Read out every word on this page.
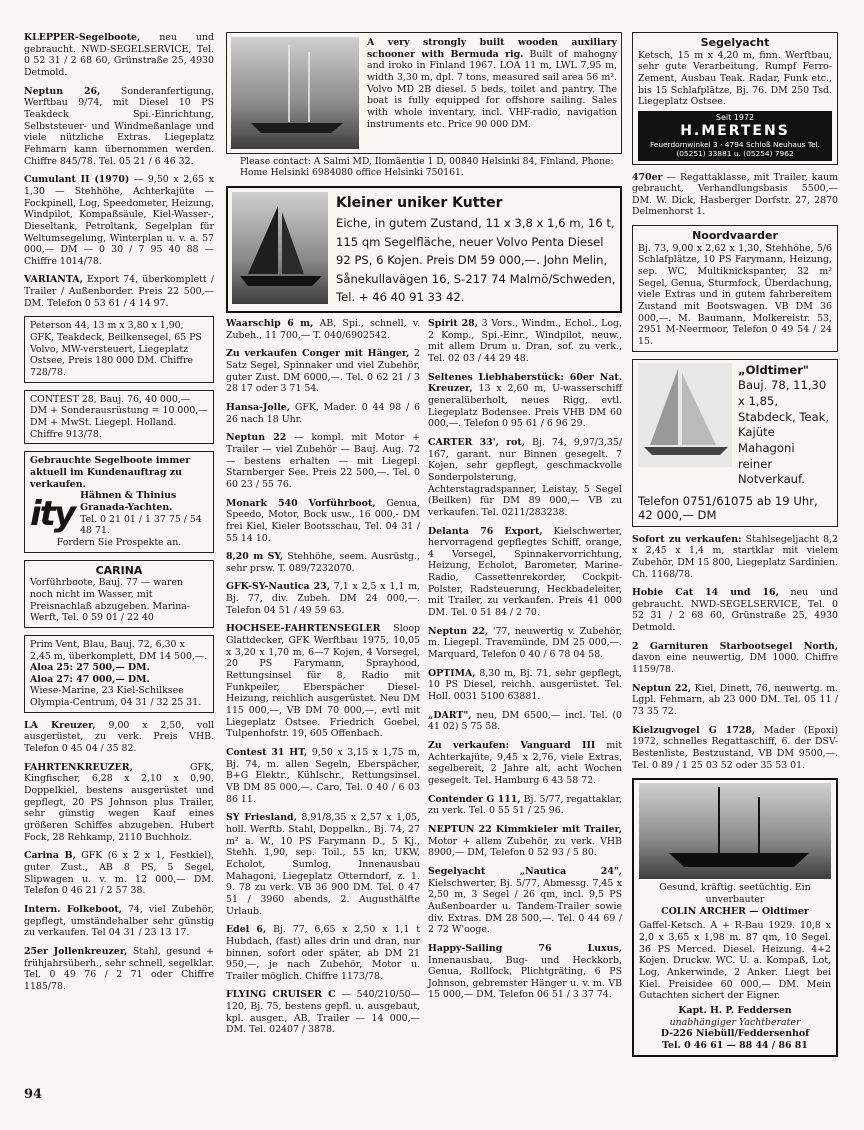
KLEPPER-Segelboote, neu und gebraucht. NWD-SEGELSERVICE, Tel. 0 52 31 / 2 68 60, Grünstraße 25, 4930 Detmold.
Neptun 26, Sonderanfertigung, Werftbau 9/74, mit Diesel 10 PS Teakdeck Spi.-Einrichtung, Selbststeuer- und Windmeßanlage und viele nützliche Extras. Liegeplatz Fehmarn kann übernommen werden. Chiffre 845/78. Tel. 05 21 / 6 46 32.
Cumulant II (1970) — 9,50 x 2,65 x 1,30 — Stehhöhe, Achterkajüte — Fockpinell, Log, Speedometer, Heizung, Windpilot, Kompaßsäule, Kiel-Wasser-, Dieseltank, Petroltank, Segelplan für Weltumsegelung, Winterplan u. v. a. 57 000,— DM — 0 30 / 7 95 40 88 — Chiffre 1014/78.
VARIANTA, Export 74, überkomplett / Trailer / Außenborder. Preis 22 500,— DM. Telefon 0 53 61 / 4 14 97.
Peterson 44, 13 m x 3,80 x 1,90, GFK, Teakdeck, Beilkensegel, 65 PS Volvo, MW-versteuert, Liegeplatz Ostsee, Preis 180 000 DM. Chiffre 728/78.
CONTEST 28, Bauj. 76, 40 000,— DM + Sonderausrüstung = 10 000,— DM + MwSt. Liegepl. Holland. Chiffre 913/78.
Gebrauchte Segelboote immer aktuell im Kundenauftrag zu verkaufen.
ity Hähnen & Thinius Granada-Yachten.
Tel. 0 21 01 / 1 37 75 / 54 48 71.
Fordern Sie Prospekte an.
CARINA
Vorführboote, Bauj. 77 — waren noch nicht im Wasser, mit Preisnachlaß abzugeben. Marina-Werft, Tel. 0 59 01 / 22 40
Prim Vent, Blau, Bauj. 72, 6,30 x 2,45 m, überkomplett, DM 14 500,—.
Aloa 25: 27 500,— DM.
Aloa 27: 47 000,— DM.
Wiese-Marine, 23 Kiel-Schilksee Olympia-Centrum, 04 31 / 32 25 31.
LA Kreuzer, 9,00 x 2,50, voll ausgerüstet, zu verk. Preis VHB. Telefon 0 45 04 / 35 82.
FAHRTENKREUZER, GFK, Kingfischer, 6,28 x 2,10 x 0,90, Doppelkiel, bestens ausgerüstet und gepflegt, 20 PS Johnson plus Trailer, sehr günstig wegen Kauf eines größeren Schiffes abzugeben. Hubert Fock, 28 Rehkamp, 2110 Buchholz.
Carina B, GFK (6 x 2 x 1, Festkiel), guter Zust., AB 8 PS, 5 Segel, Slipwagen u. v. m. 12 000,— DM. Telefon 0 46 21 / 2 57 38.
Intern. Folkeboot, 74, viel Zubehör, gepflegt, umständehalber sehr günstig zu verkaufen. Tel 04 31 / 23 13 17.
25er Jollenkreuzer, Stahl, gesund + frühjahrsüberh., sehr schnell, segelklar. Tel. 0 49 76 / 2 71 oder Chiffre 1185/78.
A very strongly built wooden auxiliary schooner with Bermuda rig. Built of mahogny and iroko in Finland 1967. LOA 11 m, LWL 7,95 m, width 3,30 m, dpl. 7 tons, measured sail area 56 m². Volvo MD 2B diesel. 5 beds, toilet and pantry. The boat is fully equipped for offshore sailing. Sales with whole inventary, incl. VHF-radio, navigation instruments etc. Price 90 000 DM.
Please contact: A Salmi MD, Ilomäentie 1 D, 00840 Helsinki 84, Finland, Phone: Home Helsinki 6984080 office Helsinki 750161.
Kleiner uniker Kutter
Eiche, in gutem Zustand, 11 x 3,8 x 1,6 m, 16 t, 115 qm Segelfläche, neuer Volvo Penta Diesel 92 PS, 6 Kojen. Preis DM 59 000,—. John Melin, Sånekullavägen 16, S-217 74 Malmö/Schweden, Tel. + 46 40 91 33 42.
Waarschip 6 m, AB, Spi., schnell, v. Zubeh., 11 700,— T. 040/6902542.
Zu verkaufen Conger mit Hänger, 2 Satz Segel, Spinnaker und viel Zubehör, guter Zust. DM 6000,—. Tel. 0 62 21 / 3 28 17 oder 3 71 54.
Hansa-Jolle, GFK, Mader. 0 44 98 / 6 26 nach 18 Uhr.
Neptun 22 — kompl. mit Motor + Trailer — viel Zubehör — Bauj. Aug. 72 — bestens erhalten — mit Liegepl. Starnberger See. Preis 22 500,—. Tel. 0 60 23 / 55 76.
Monark 540 Vorführboot, Genua, Speedo, Motor, Bock usw., 16 000,- DM frei Kiel, Kieler Bootsschau, Tel. 04 31 / 55 14 10.
8,20 m SY, Stehhöhe, seem. Ausrüstg., sehr prsw. T. 089/7232070.
GFK-SY-Nautica 23, 7,1 x 2,5 x 1,1 m, Bj. 77, div. Zubeh. DM 24 000,—. Telefon 04 51 / 49 59 63.
HOCHSEE-FAHRTENSEGLER Sloop Glattdecker, GFK Werftbau 1975, 10,05 x 3,20 x 1,70 m, 6—7 Kojen, 4 Vorsegel, 20 PS Farymann, Sprayhood, Rettungsinsel für 8, Radio mit Funkpeiler, Eberspächer Diesel-Heizung, reichlich ausgerüstet. Neu DM 115 000,—, VB DM 70 000,—, evtl mit Liegeplatz Ostsee. Friedrich Goebel, Tulpenhofstr. 19, 605 Offenbach.
Contest 31 HT, 9,50 x 3,15 x 1,75 m, Bj. 74, m. allen Segeln, Eberspächer, B+G Elektr., Kühlschr., Rettungsinsel. VB DM 85 000,—. Caro, Tel. 0 40 / 6 03 86 11.
SY Friesland, 8,91/8,35 x 2,57 x 1,05, holl. Werftb. Stahl, Doppelkn., Bj. 74, 27 m² a. W., 10 PS Farymann D., 5 Kj., Stehh. 1,90, sep. Toil., 55 kn, UKW, Echolot, Sumlog, Innenausbau Mahagoni, Liegeplatz Otterndorf, z. 1. 9. 78 zu verk. VB 36 900 DM. Tel. 0 47 51 / 3960 abends, 2. Augusthälfte Urlaub.
Edel 6, Bj. 77, 6,65 x 2,50 x 1,1 t Hubdach, (fast) alles drin und dran, nur binnen, sofort oder später, ab DM 21 950,—, je nach Zubehör, Motor u. Trailer möglich. Chiffre 1173/78.
FLYING CRUISER C — 540/210/50— 120, Bj. 75, bestens gepfl. u. ausgebaut, kpl. ausger., AB, Trailer — 14 000,— DM. Tel. 02407 / 3878.
Spirit 28, 3 Vors., Windm., Echol., Log, 2 Komp., Spi.-Einr., Windpilot, neuw., mit allem Drum u. Dran, sof. zu verk., Tel. 02 03 / 44 29 48.
Seltenes Liebhaberstück: 60er Nat. Kreuzer, 13 x 2,60 m, U-wasserschiff generalüberholt, neues Rigg, evtl. Liegeplatz Bodensee. Preis VHB DM 60 000,—. Telefon 0 95 61 / 6 96 29.
CARTER 33', rot, Bj. 74, 9,97/3,35/ 167, garant. nur Binnen gesegelt. 7 Kojen, sehr gepflegt, geschmackvolle Sonderpolsterung, Achterstagradspanner, Leistay, 5 Segel (Beilken) für DM 89 000,— VB zu verkaufen. Tel. 0211/283238.
Delanta 76 Export, Kielschwerter, hervorragend gepflegtes Schiff, orange, 4 Vorsegel, Spinnakervorrichtung, Heizung, Echolot, Barometer, Marine-Radio, Cassettenrekorder, Cockpit-Polster, Radsteuerung, Heckbadeleiter, mit Trailer, zu verkaufen. Preis 41 000 DM. Tel. 0 51 84 / 2 70.
Neptun 22, '77, neuwertig v. Zubehör, m. Liegepl. Travemünde, DM 25 000,—. Marquard, Telefon 0 40 / 6 78 04 58.
OPTIMA, 8,30 m, Bj. 71, sehr gepflegt, 10 PS Diesel, reichh. ausgerüstet. Tel. Holl. 0031 5100 63881.
„DART", neu, DM 6500,— incl. Tel. (0 41 02) 5 75 58.
Zu verkaufen: Vanguard III mit Achterkajüte, 9,45 x 2,76, viele Extras, segelbereit, 2 Jahre alt, acht Wochen gesegelt. Tel. Hamburg 6 43 58 72.
Contender G 111, Bj. 5/77, regattaklar, zu verk. Tel. 0 55 51 / 25 96.
NEPTUN 22 Kimmkieler mit Trailer, Motor + allem Zubehör, zu verk. VHB 8900,— DM, Telefon 0 52 93 / 5 80.
Segelyacht „Nautica 24", Kielschwerter, Bj. 5/77, Abmessg. 7,45 x 2,50 m, 3 Segel / 26 qm, incl. 9,5 PS Außenboarder u. Tandem-Trailer sowie div. Extras. DM 28 500,—. Tel. 0 44 69 / 2 72 W'ooge.
Happy-Sailing 76 Luxus, Innenausbau, Bug- und Heckkorb, Genua, Rollfock, Plichtgräting, 6 PS Johnson, gebremster Hänger u. v. m. VB 15 000,— DM. Telefon 06 51 / 3 37 74.
Segelyacht
Ketsch, 15 m x 4,20 m, finn. Werftbau, sehr gute Verarbeitung, Rumpf Ferro-Zement, Ausbau Teak. Radar, Funk etc., bis 15 Schlafplätze, Bj. 76. DM 250 Tsd. Liegeplatz Ostsee.
Seit 1972
H.MERTENS
Feuerdornwinkel 3 · 4794 Schloß Neuhaus Tel. (05251) 33881 u. (05254) 7962
470er — Regattaklasse, mit Trailer, kaum gebraucht, Verhandlungsbasis 5500,— DM. W. Dick, Hasberger Dorfstr. 27, 2870 Delmenhorst 1.
Noordvaarder
Bj. 73, 9,00 x 2,62 x 1,30, Stehhöhe, 5/6 Schlafplätze, 10 PS Farymann, Heizung, sep. WC, Multiknickspanter, 32 m² Segel, Genua, Sturmfock, Überdachung, viele Extras und in gutem fahrbereitem Zustand mit Bootswagen. VB DM 36 000,—. M. Baumann, Molkereistr. 53, 2951 M-Neermoor, Telefon 0 49 54 / 24 15.
„Oldtimer"
Bauj. 78, 11,30 x 1,85, Stabdeck, Teak, Kajüte Mahagoni reiner Notverkauf.
Telefon 0751/61075 ab 19 Uhr, 42 000,— DM
Sofort zu verkaufen: Stahlsegeljacht 8,2 x 2,45 x 1,4 m, startklar mit vielem Zubehör, DM 15 800, Liegeplatz Sardinien. Ch. 1168/78.
Hobie Cat 14 und 16, neu und gebraucht. NWD-SEGELSERVICE, Tel. 0 52 31 / 2 68 60, Grünstraße 25, 4930 Detmold.
2 Garnituren Starbootsegel North, davon eine neuwertig, DM 1000. Chiffre 1159/78.
Neptun 22, Kiel, Dinett, 76, neuwertg. m. Lgpl. Fehmarn, ab 23 000 DM. Tel. 05 11 / 73 35 72.
Kielzugvogel G 1728, Mader (Epoxi) 1972, schnelles Regattaschiff, 6. der DSV-Bestenliste, Bestzustand, VB DM 9500,—. Tel. 0 89 / 1 25 03 52 oder 35 53 01.
Gesund, kräftig. seetüchtig. Ein unverbauter
COLIN ARCHER — Oldtimer
Gaffel-Ketsch. A + R-Bau 1929. 10,8 x 2,0 x 3,65 x 1,98 m. 87 qm, 10 Segel. 36 PS Merced. Diesel. Heizung. 4+2 Kojen. Druckw. WC. U. a. Kompaß, Lot, Log, Ankerwinde, 2 Anker. Liegt bei Kiel. Preisidee 60 000,— DM. Mein Gutachten sichert der Eigner.
Kapt. H. P. Feddersen
unabhängiger Yachtberater
D-226 Niebüll/Feddersenhof
Tel. 0 46 61 — 88 44 / 86 81
94
